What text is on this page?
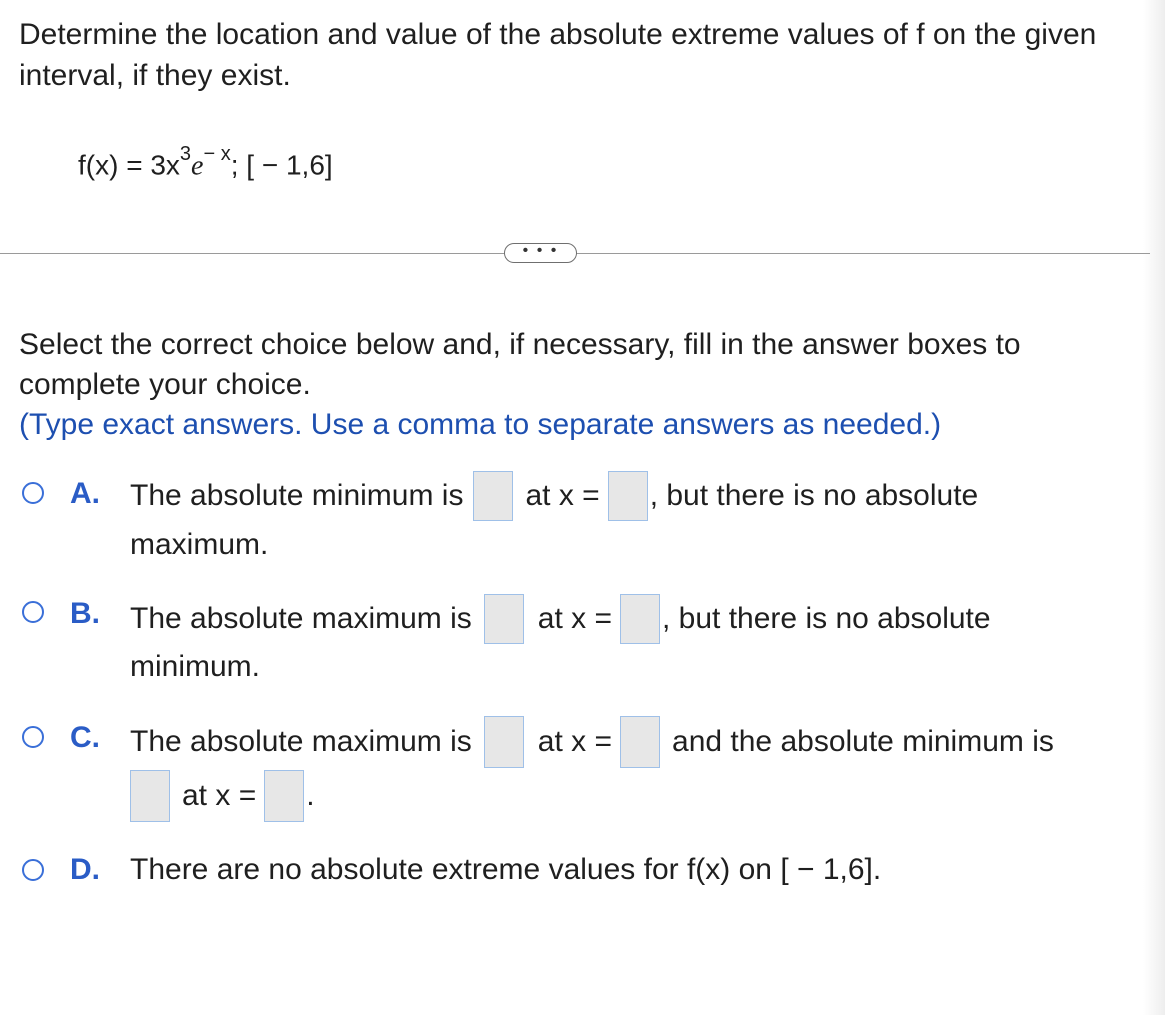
Determine the location and value of the absolute extreme values of f on the given interval, if they exist.

$f(x) = 3x^3e^{- x}$; [ − 1,6]
• • •
Select the correct choice below and, if necessary, fill in the answer boxes to complete your choice.
(Type exact answers. Use a comma to separate answers as needed.)
A. The absolute minimum is at x = , but there is no absolute
maximum.
B. The absolute maximum is at x = , but there is no absolute
minimum.
C. The absolute maximum is at x = and the absolute minimum is
at x = .
D. There are no absolute extreme values for f(x) on [ − 1,6].
